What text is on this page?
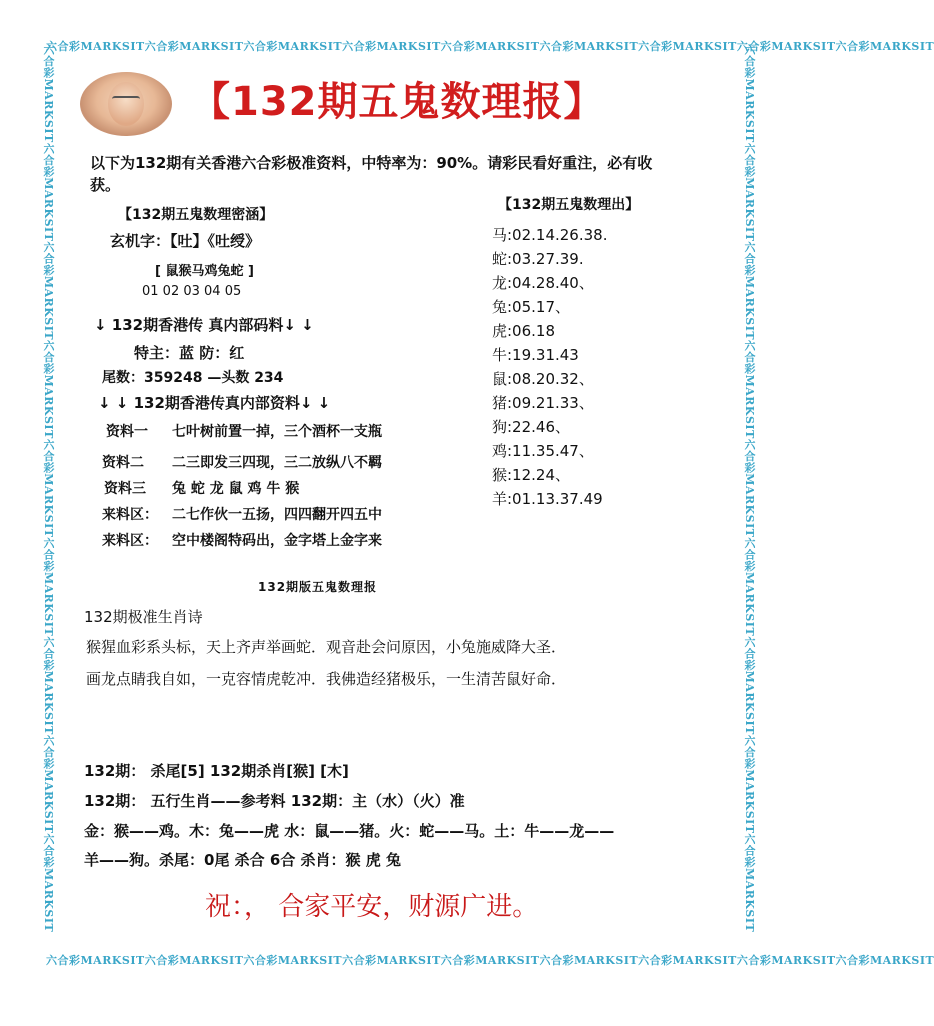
六合彩MARKSIT六合彩MARKSIT六合彩MARKSIT六合彩MARKSIT六合彩MARKSIT六合彩MARKSIT六合彩MARKSIT六合彩MARKSIT六合彩MARKSIT
六合彩MARKSIT六合彩MARKSIT六合彩MARKSIT六合彩MARKSIT六合彩MARKSIT六合彩MARKSIT六合彩MARKSIT六合彩MARKSIT六合彩MARKSIT
六合彩MARKSIT六合彩MARKSIT六合彩MARKSIT六合彩MARKSIT六合彩MARKSIT六合彩MARKSIT六合彩MARKSIT六合彩MARKSIT六合彩MARKSIT	六合彩MARKSIT六合彩MARKSIT六合彩MARKSIT六合彩MARKSIT六合彩MARKSIT六合彩MARKSIT六合彩MARKSIT六合彩MARKSIT六合彩MARKSIT
【132期五鬼数理报】
以下为132期有关香港六合彩极准资料，中特率为：90%。请彩民看好重注，必有收
获。
【132期五鬼数理密涵】
玄机字：【吐】《吐绶》
[ 鼠猴马鸡兔蛇 ]
01 02 03 04 05
↓ 132期香港传 真内部码料↓ ↓
特主：蓝 防：红
尾数：359248 —头数 234
↓ ↓ 132期香港传真内部资料↓ ↓
资料一 七叶树前置一掉，三个酒杯一支瓶
资料二 二三即发三四现，三二放纵八不羁
资料三 兔 蛇 龙 鼠 鸡 牛 猴
来料区： 二七作伙一五扬，四四翻开四五中
来料区： 空中楼阁特码出，金字塔上金字来
【132期五鬼数理出】
马:02.14.26.38.
蛇:03.27.39.
龙:04.28.40、
兔:05.17、
虎:06.18
牛:19.31.43
鼠:08.20.32、
猪:09.21.33、
狗:22.46、
鸡:11.35.47、
猴:12.24、
羊:01.13.37.49
132期版五鬼数理报
132期极准生肖诗
猴猩血彩系头标，天上齐声举画蛇．观音赴会问原因，小兔施威降大圣．
画龙点睛我自如，一克容情虎乾冲．我佛造经猪极乐，一生清苦鼠好命．
132期： 杀尾[5] 132期杀肖[猴] [木]
132期： 五行生肖——参考料 132期：主（水）（火）准
金：猴——鸡。木：兔——虎 水：鼠——猪。火：蛇——马。土：牛——龙——
羊——狗。杀尾：0尾 杀合 6合 杀肖：猴 虎 兔
祝：， 合家平安，财源广进。
